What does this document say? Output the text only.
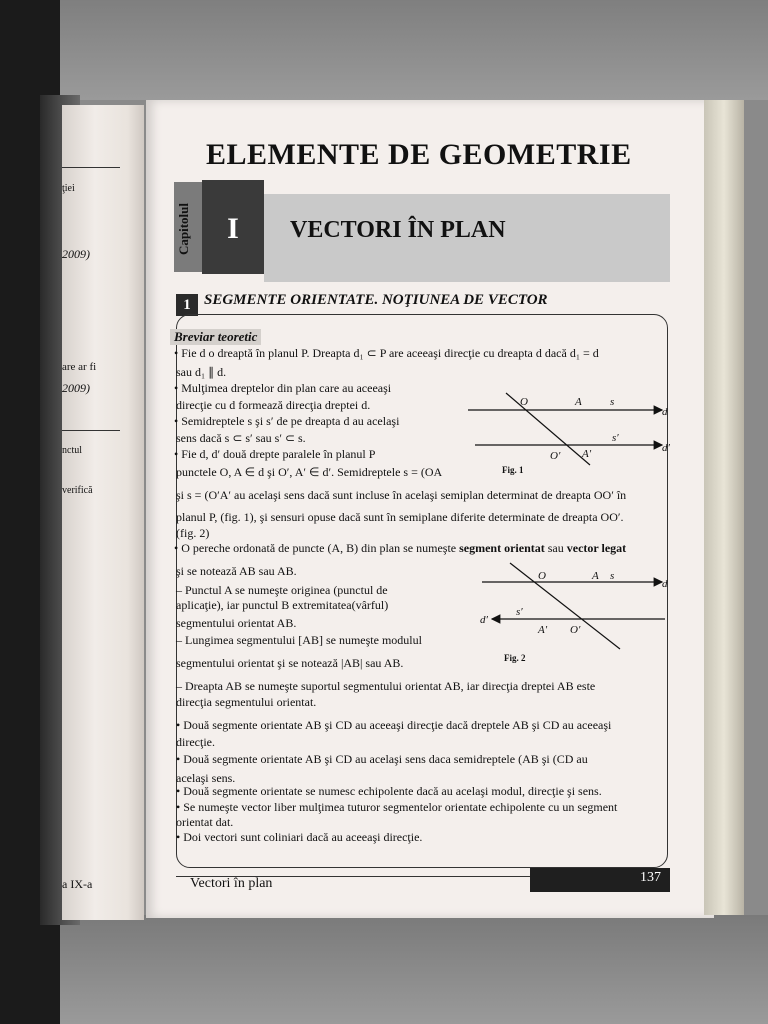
ţiei
2009)
are ar fi
2009)
nctul
verifică
a IX-a
ELEMENTE DE GEOMETRIE
Capitolul	I	VECTORI ÎN PLAN
1 SEGMENTE ORIENTATE. NOŢIUNEA DE VECTOR
Breviar teoretic
• Fie d o dreaptă în planul P. Dreapta d₁ ⊂ P are aceeaşi direcţie cu dreapta d dacă d₁ = d
sau d₁ ∥ d.
• Mulţimea dreptelor din plan care au aceeaşi
direcţie cu d formează direcţia dreptei d.
• Semidreptele s şi s′ de pe dreapta d au acelaşi
sens dacă s ⊂ s′ sau s′ ⊂ s.
• Fie d, d′ două drepte paralele în planul P
punctele O, A ∈ d şi O′, A′ ∈ d′. Semidreptele s = (OA
şi s = (O′A′ au acelaşi sens dacă sunt incluse în acelaşi semiplan determinat de dreapta OO′ în
planul P, (fig. 1), şi sensuri opuse dacă sunt în semiplane diferite determinate de dreapta OO′.
(fig. 2)
• O pereche ordonată de puncte (A, B) din plan se numeşte segment orientat sau vector legat
şi se notează AB sau AB.
– Punctul A se numeşte originea (punctul de
aplicaţie), iar punctul B extremitatea(vârful)
segmentului orientat AB.
– Lungimea segmentului [AB] se numeşte modulul
segmentului orientat şi se notează |AB| sau AB.
– Dreapta AB se numeşte suportul segmentului orientat AB, iar direcţia dreptei AB este
direcţia segmentului orientat.
• Două segmente orientate AB şi CD au aceeaşi direcţie dacă dreptele AB şi CD au aceeaşi
direcţie.
• Două segmente orientate AB şi CD au acelaşi sens daca semidreptele (AB şi (CD au
acelaşi sens.
• Două segmente orientate se numesc echipolente dacă au acelaşi modul, direcţie şi sens.
• Se numeşte vector liber mulţimea tuturor segmentelor orientate echipolente cu un segment
orientat dat.
• Doi vectori sunt coliniari dacă au aceeaşi direcţie.
O	A	s
d
O′ A′
s′
d′
Fig. 1
O	A s
d
d′
s′
A′ O′
Fig. 2
Vectori în plan	137
